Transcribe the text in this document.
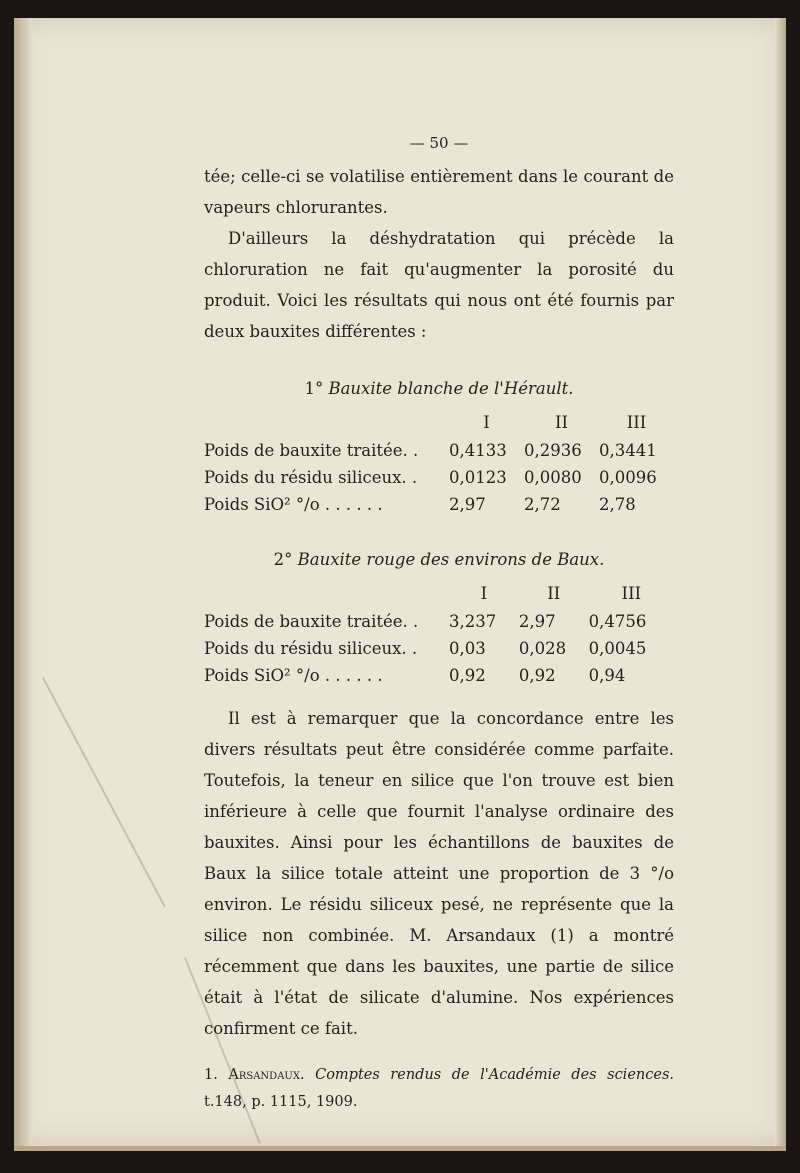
— 50 —

tée; celle-ci se volatilise entièrement dans le courant de vapeurs chlorurantes.

D'ailleurs la déshydratation qui précède la chloruration ne fait qu'augmenter la porosité du produit. Voici les résultats qui nous ont été fournis par deux bauxites différentes :

1° Bauxite blanche de l'Hérault.
	I	II	III
Poids de bauxite traitée. .	0,4133	0,2936	0,3441
Poids du résidu siliceux. .	0,0123	0,0080	0,0096
Poids SiO² °/o . . . . . .	2,97	2,72	2,78
2° Bauxite rouge des environs de Baux.
	I	II	III
Poids de bauxite traitée. .	3,237	2,97	0,4756
Poids du résidu siliceux. .	0,03	0,028	0,0045
Poids SiO² °/o . . . . . .	0,92	0,92	0,94

Il est à remarquer que la concordance entre les divers résultats peut être considérée comme parfaite. Toutefois, la teneur en silice que l'on trouve est bien inférieure à celle que fournit l'analyse ordinaire des bauxites. Ainsi pour les échantillons de bauxites de Baux la silice totale atteint une proportion de 3 °/o environ. Le résidu siliceux pesé, ne représente que la silice non combinée. M. Arsandaux (1) a montré récemment que dans les bauxites, une partie de silice était à l'état de silicate d'alumine. Nos expériences confirment ce fait.

1. Arsandaux. Comptes rendus de l'Académie des sciences. t.148, p. 1115, 1909.
